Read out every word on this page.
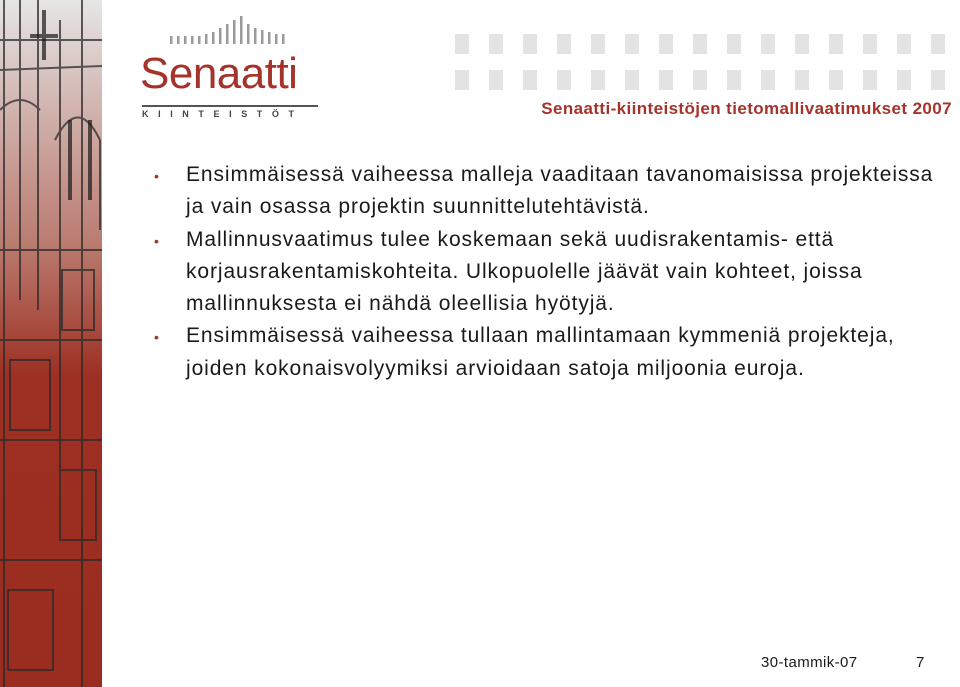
Senaatti
KIINTEISTÖT	Senaatti-kiinteistöjen tietomallivaatimukset 2007
• Ensimmäisessä vaiheessa malleja vaaditaan tavanomaisissa projekteissa ja vain osassa projektin suunnittelutehtävistä.
• Mallinnusvaatimus tulee koskemaan sekä uudisrakentamis- että korjausrakentamiskohteita. Ulkopuolelle jäävät vain kohteet, joissa mallinnuksesta ei nähdä oleellisia hyötyjä.
• Ensimmäisessä vaiheessa tullaan mallintamaan kymmeniä projekteja, joiden kokonaisvolyymiksi arvioidaan satoja miljoonia euroja.
30-tammik-07	7
